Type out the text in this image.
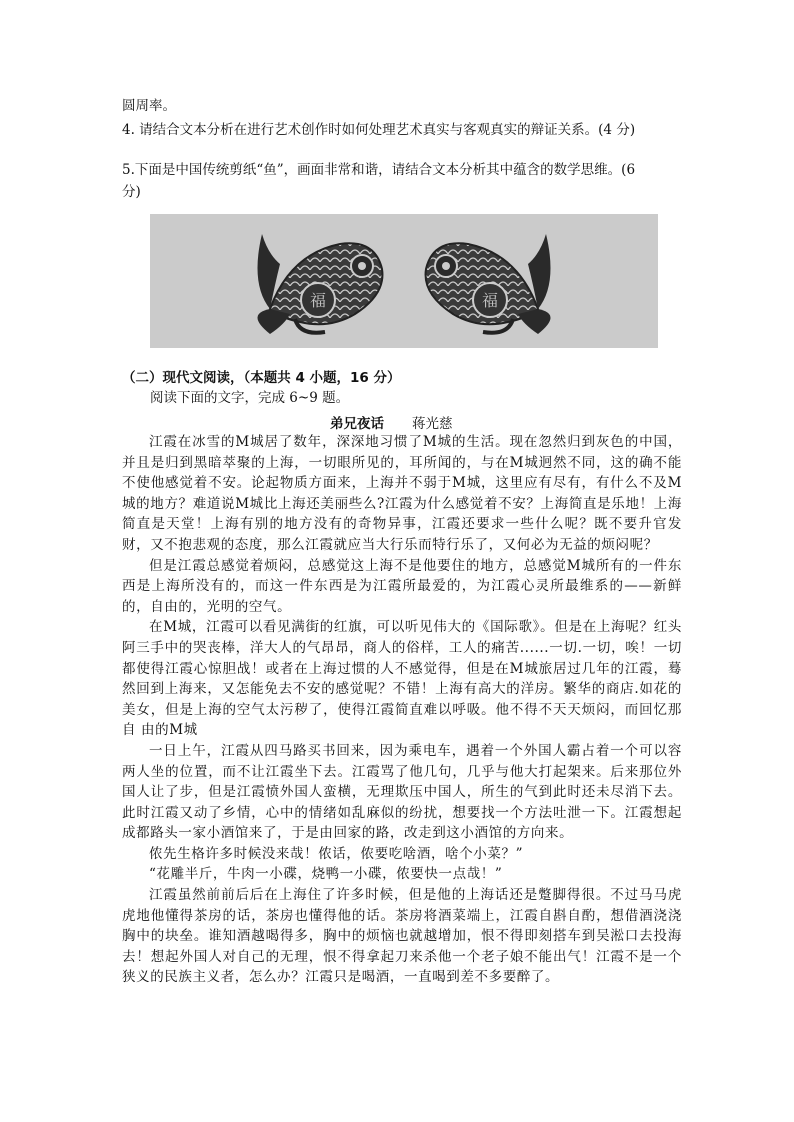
圆周率。
4. 请结合文本分析在进行艺术创作时如何处理艺术真实与客观真实的辩证关系。(4 分)
5.下面是中国传统剪纸“鱼”，画面非常和谐，请结合文本分析其中蕴含的数学思维。(6
分)
福	福
（二）现代文阅读，（本题共 4 小题，16 分）
阅读下面的文字，完成 6~9 题。
弟兄夜话 蒋光慈

江霞在冰雪的M城居了数年，深深地习惯了M城的生活。现在忽然归到灰色的中国，并且是归到黑暗萃聚的上海，一切眼所见的，耳所闻的，与在M城迥然不同，这的确不能不使他感觉着不安。论起物质方面来，上海并不弱于M城，这里应有尽有，有什么不及M城的地方？难道说M城比上海还美丽些么?江霞为什么感觉着不安？上海简直是乐地！上海简直是天堂！上海有别的地方没有的奇物异事，江霞还要求一些什么呢？既不要升官发财，又不抱悲观的态度，那么江霞就应当大行乐而特行乐了，又何必为无益的烦闷呢？

但是江霞总感觉着烦闷，总感觉这上海不是他要住的地方，总感觉M城所有的一件东西是上海所没有的，而这一件东西是为江霞所最爱的，为江霞心灵所最维系的——新鲜的，自由的，光明的空气。

在M城，江霞可以看见满街的红旗，可以听见伟大的《国际歌》。但是在上海呢？红头阿三手中的哭丧棒，洋大人的气昂昂，商人的俗样，工人的痛苦......一切.一切，唉！一切都使得江霞心惊胆战！或者在上海过惯的人不感觉得，但是在M城旅居过几年的江霞，蓦然回到上海来，又怎能免去不安的感觉呢？不错！上海有高大的洋房。繁华的商店.如花的美女，但是上海的空气太污秽了，使得江霞简直难以呼吸。他不得不天天烦闷，而回忆那自 由的M城

一日上午，江霞从四马路买书回来，因为乘电车，遇着一个外国人霸占着一个可以容两人坐的位置，而不让江霞坐下去。江霞骂了他几句，几乎与他大打起架来。后来那位外国人让了步，但是江霞愤外国人蛮横，无理欺压中国人，所生的气到此时还未尽消下去。此时江霞又动了乡情，心中的情绪如乱麻似的纷扰，想要找一个方法吐泄一下。江霞想起成都路头一家小酒馆来了，于是由回家的路，改走到这小酒馆的方向来。

侬先生格许多时候没来哉！侬话，侬要吃啥酒，啥个小菜？”

“花雕半斤，牛肉一小碟，烧鸭一小碟，侬要快一点哉！”

江霞虽然前前后后在上海住了许多时候，但是他的上海话还是蹩脚得很。不过马马虎虎地他懂得茶房的话，茶房也懂得他的话。茶房将酒菜端上，江霞自斟自酌，想借酒浇浇胸中的块垒。谁知酒越喝得多，胸中的烦恼也就越增加，恨不得即刻搭车到吴淞口去投海去！想起外国人对自己的无理，恨不得拿起刀来杀他一个老子娘不能出气！江霞不是一个狭义的民族主义者，怎么办？江霞只是喝酒，一直喝到差不多要醉了。
